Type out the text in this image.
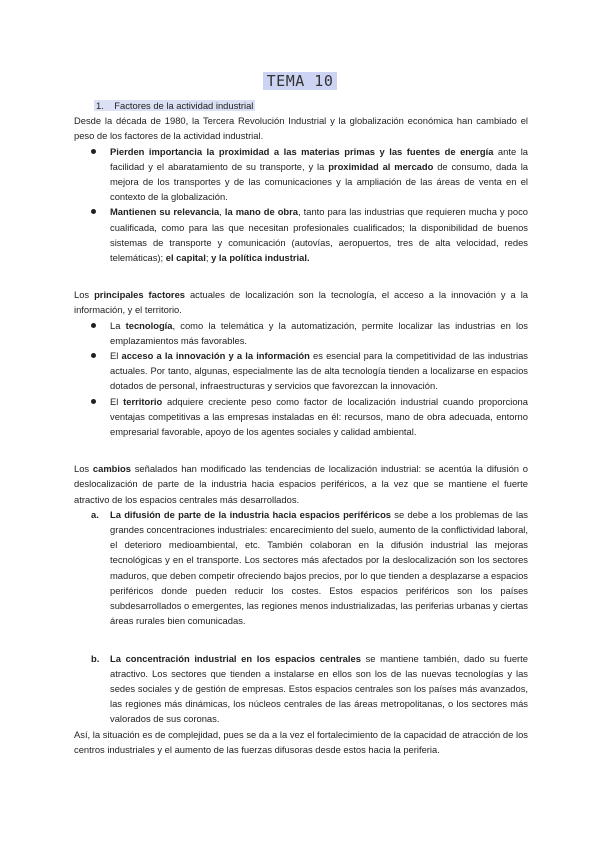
TEMA 10

1. Factores de la actividad industrial

Desde la década de 1980, la Tercera Revolución Industrial y la globalización económica han cambiado el peso de los factores de la actividad industrial.

Pierden importancia la proximidad a las materias primas y las fuentes de energía ante la facilidad y el abaratamiento de su transporte, y la proximidad al mercado de consumo, dada la mejora de los transportes y de las comunicaciones y la ampliación de las áreas de venta en el contexto de la globalización.
Mantienen su relevancia, la mano de obra, tanto para las industrias que requieren mucha y poco cualificada, como para las que necesitan profesionales cualificados; la disponibilidad de buenos sistemas de transporte y comunicación (autovías, aeropuertos, tres de alta velocidad, redes telemáticas); el capital; y la política industrial.

Los principales factores actuales de localización son la tecnología, el acceso a la innovación y a la información, y el territorio.

La tecnología, como la telemática y la automatización, permite localizar las industrias en los emplazamientos más favorables.
El acceso a la innovación y a la información es esencial para la competitividad de las industrias actuales. Por tanto, algunas, especialmente las de alta tecnología tienden a localizarse en espacios dotados de personal, infraestructuras y servicios que favorezcan la innovación.
El territorio adquiere creciente peso como factor de localización industrial cuando proporciona ventajas competitivas a las empresas instaladas en él: recursos, mano de obra adecuada, entorno empresarial favorable, apoyo de los agentes sociales y calidad ambiental.

Los cambios señalados han modificado las tendencias de localización industrial: se acentúa la difusión o deslocalización de parte de la industria hacia espacios periféricos, a la vez que se mantiene el fuerte atractivo de los espacios centrales más desarrollados.

a. La difusión de parte de la industria hacia espacios periféricos se debe a los problemas de las grandes concentraciones industriales: encarecimiento del suelo, aumento de la conflictividad laboral, el deterioro medioambiental, etc. También colaboran en la difusión industrial las mejoras tecnológicas y en el transporte. Los sectores más afectados por la deslocalización son los sectores maduros, que deben competir ofreciendo bajos precios, por lo que tienden a desplazarse a espacios periféricos donde pueden reducir los costes. Estos espacios periféricos son los países subdesarrollados o emergentes, las regiones menos industrializadas, las periferias urbanas y ciertas áreas rurales bien comunicadas.
b. La concentración industrial en los espacios centrales se mantiene también, dado su fuerte atractivo. Los sectores que tienden a instalarse en ellos son los de las nuevas tecnologías y las sedes sociales y de gestión de empresas. Estos espacios centrales son los países más avanzados, las regiones más dinámicas, los núcleos centrales de las áreas metropolitanas, o los sectores más valorados de sus coronas.

Así, la situación es de complejidad, pues se da a la vez el fortalecimiento de la capacidad de atracción de los centros industriales y el aumento de las fuerzas difusoras desde estos hacia la periferia.
